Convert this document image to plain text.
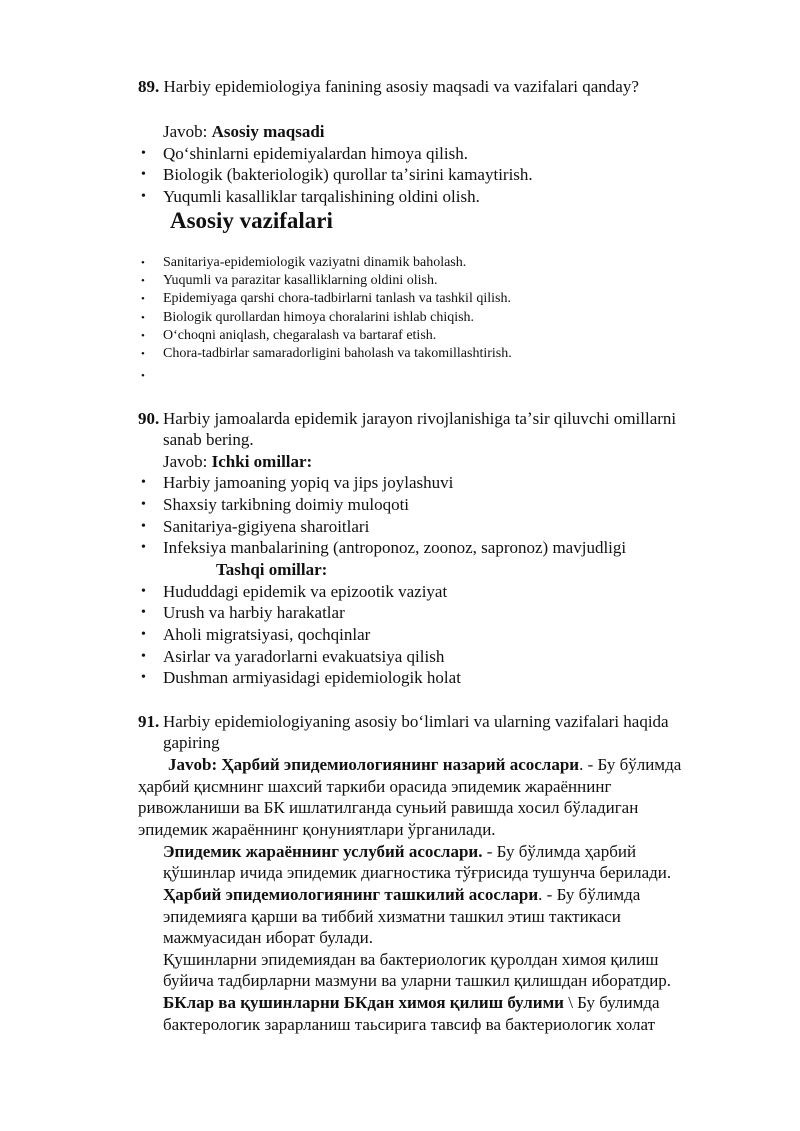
89. Harbiy epidemiologiya fanining asosiy maqsadi va vazifalari qanday?
Javob: Asosiy maqsadi
• Qoʻshinlarni epidemiyalardan himoya qilish.
• Biologik (bakteriologik) qurollar taʼsirini kamaytirish.
• Yuqumli kasalliklar tarqalishining oldini olish.
Asosiy vazifalari
• Sanitariya-epidemiologik vaziyatni dinamik baholash.
• Yuqumli va parazitar kasalliklarning oldini olish.
• Epidemiyaga qarshi chora-tadbirlarni tanlash va tashkil qilish.
• Biologik qurollardan himoya choralarini ishlab chiqish.
• Oʻchoqni aniqlash, chegaralash va bartaraf etish.
• Chora-tadbirlar samaradorligini baholash va takomillashtirish.
•
90. Harbiy jamoalarda epidemik jarayon rivojlanishiga taʼsir qiluvchi omillarni
sanab bering.
Javob: Ichki omillar:
• Harbiy jamoaning yopiq va jips joylashuvi
• Shaxsiy tarkibning doimiy muloqoti
• Sanitariya-gigiyena sharoitlari
• Infeksiya manbalarining (antroponoz, zoonoz, sapronoz) mavjudligi
Tashqi omillar:
• Hududdagi epidemik va epizootik vaziyat
• Urush va harbiy harakatlar
• Aholi migratsiyasi, qochqinlar
• Asirlar va yaradorlarni evakuatsiya qilish
• Dushman armiyasidagi epidemiologik holat
91. Harbiy epidemiologiyaning asosiy boʻlimlari va ularning vazifalari haqida
gapiring
Javob: Ҳарбий эпидемиологиянинг назарий асослари. - Бу бўлимда
ҳарбий қисмнинг шахсий таркиби орасида эпидемик жараённинг
ривожланиши ва БК ишлатилганда суньий равишда хосил бўладиган
эпидемик жараённинг қонуниятлари ўрганилади.
Эпидемик жараённинг услубий асослари. - Бу бўлимда ҳарбий
қўшинлар ичида эпидемик диагностика тўғрисида тушунча берилади.
Ҳарбий эпидемиологиянинг ташкилий асослари. - Бу бўлимда
эпидемияга қарши ва тиббий хизматни ташкил этиш тактикаси
мажмуасидан иборат булади.
Қушинларни эпидемиядан ва бактериологик қуролдан химоя қилиш
буйича тадбирларни мазмуни ва уларни ташкил қилишдан иборатдир.
БКлар ва қушинларни БКдан химоя қилиш булими \ Бу булимда
бактерологик зарарланиш таьсирига тавсиф ва бактериологик холат
